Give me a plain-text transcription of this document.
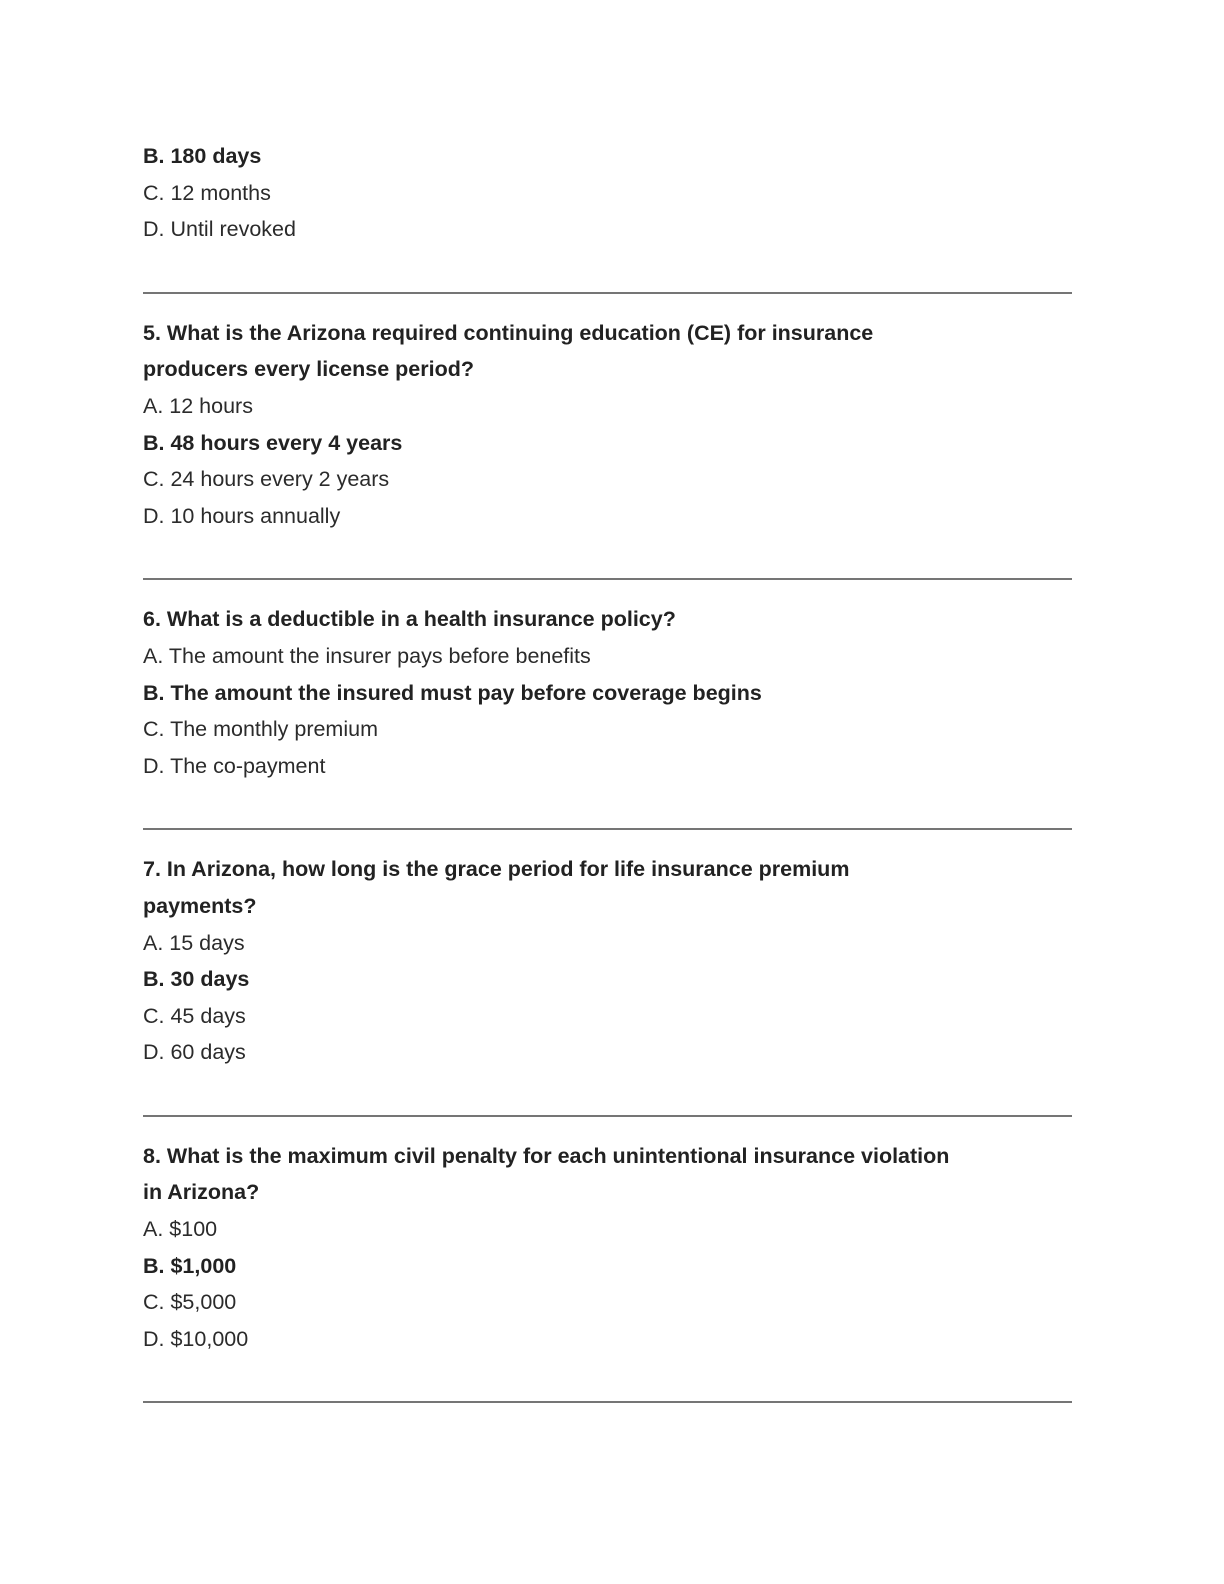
B. 180 days
C. 12 months
D. Until revoked
5. What is the Arizona required continuing education (CE) for insurance
producers every license period?
A. 12 hours
B. 48 hours every 4 years
C. 24 hours every 2 years
D. 10 hours annually
6. What is a deductible in a health insurance policy?
A. The amount the insurer pays before benefits
B. The amount the insured must pay before coverage begins
C. The monthly premium
D. The co-payment
7. In Arizona, how long is the grace period for life insurance premium
payments?
A. 15 days
B. 30 days
C. 45 days
D. 60 days
8. What is the maximum civil penalty for each unintentional insurance violation
in Arizona?
A. $100
B. $1,000
C. $5,000
D. $10,000
